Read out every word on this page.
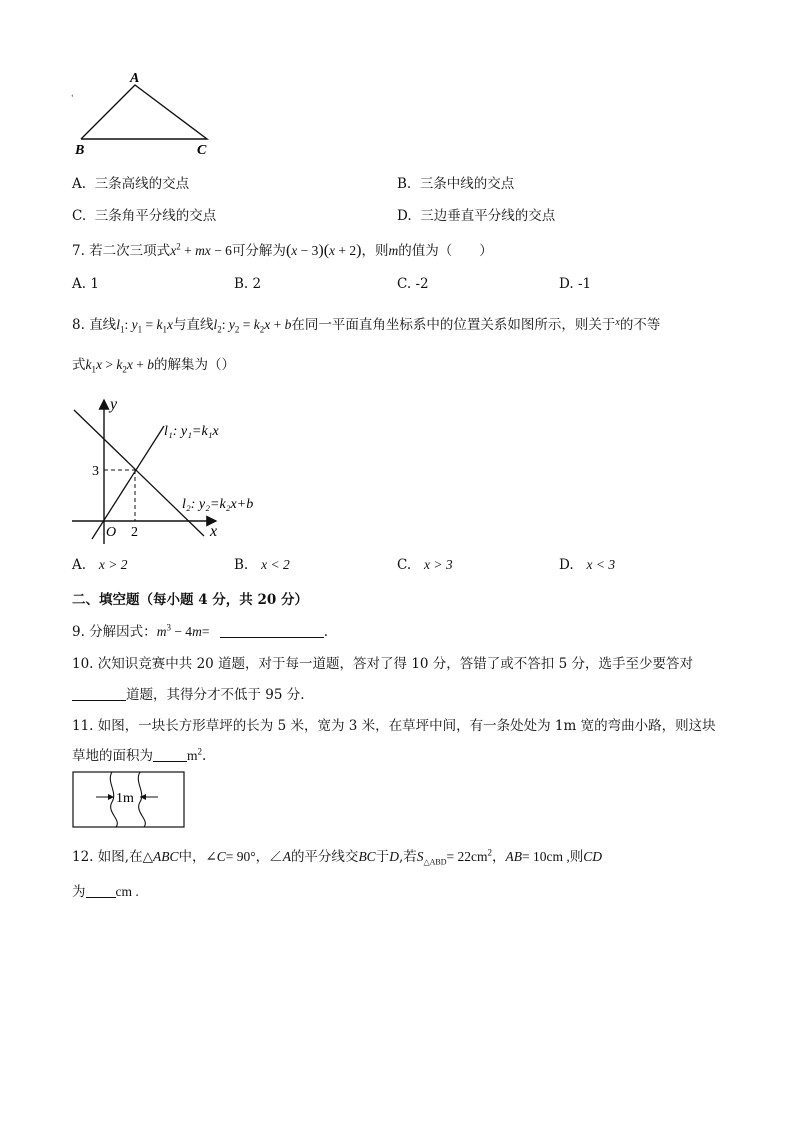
A
B	C
ʻ
A. 三条高线的交点	B. 三条中线的交点
C. 三条角平分线的交点	D. 三边垂直平分线的交点
7. 若二次三项式$x^2$ + mx − 6可分解为(x − 3)(x + 2)，则m的值为（　　）
A. 1	B. 2	C. -2	D. -1
8. 直线$l_1$: $y_1 = k_1x$与直线$l_2$: $y_2 = k_2x + b$在同一平面直角坐标系中的位置关系如图所示，则关于$^x$的不等
式$k_1x > k_2x + b$的解集为（）
y
x
O 2
3
l₁: y₁=k₁x
l₂: y₂=k₂x+b
A. x > 2	B. x < 2	C. x > 3	D. x < 3
二、填空题（每小题 4 分，共 20 分）
9. 分解因式：$m^3 - 4m=$	.
10. 次知识竞赛中共 20 道题，对于每一道题，答对了得 10 分，答错了或不答扣 5 分，选手至少要答对
道题，其得分才不低于 95 分.
11. 如图，一块长方形草坪的长为 5 米，宽为 3 米，在草坪中间，有一条处处为 1m 宽的弯曲小路，则这块
草地的面积为	$m^2$.
1m
12. 如图,在△ABC中，∠C= 90°，∠A的平分线交BC于D,若$S_{\triangle ABD}= 22cm^2$，AB= 10cm ,则CD
为 cm .
